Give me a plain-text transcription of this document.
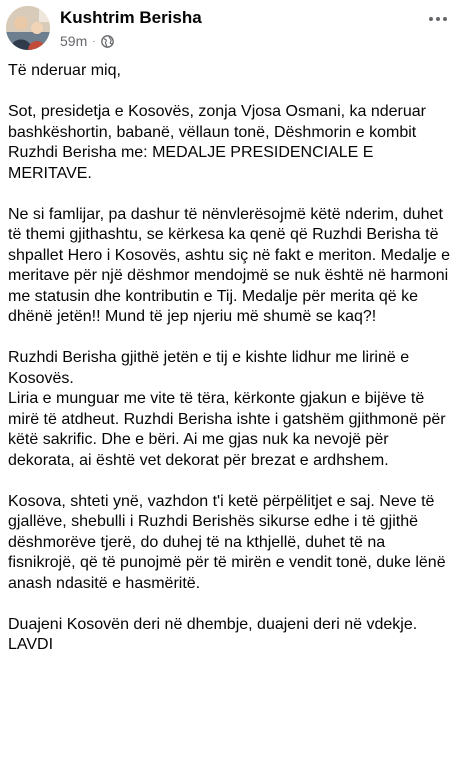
Kushtrim Berisha
59m ·

Të nderuar miq,

Sot, presidetja e Kosovës, zonja Vjosa Osmani, ka nderuar bashkëshortin, babanë, vëllaun tonë, Dëshmorin e kombit Ruzhdi Berisha me: MEDALJE PRESIDENCIALE E MERITAVE.

Ne si famlijar, pa dashur të nënvlerësojmë këtë nderim, duhet të themi gjithashtu, se kërkesa ka qenë që Ruzhdi Berisha të shpallet Hero i Kosovës, ashtu siç në fakt e meriton. Medalje e meritave për një dëshmor mendojmë se nuk është në harmoni me statusin dhe kontributin e Tij. Medalje për merita që ke dhënë jetën!! Mund të jep njeriu më shumë se kaq?!

Ruzhdi Berisha gjithë jetën e tij e kishte lidhur me lirinë e Kosovës.
Liria e munguar me vite të tëra, kërkonte gjakun e bijëve të mirë të atdheut. Ruzhdi Berisha ishte i gatshëm gjithmonë për këtë sakrific. Dhe e bëri. Ai me gjas nuk ka nevojë për dekorata, ai është vet dekorat për brezat e ardhshem.

Kosova, shteti ynë, vazhdon t'i ketë përpëlitjet e saj. Neve të gjallëve, shebulli i Ruzhdi Berishës sikurse edhe i të gjithë dëshmorëve tjerë, do duhej të na kthjellë, duhet të na fisnikrojë, që të punojmë për të mirën e vendit tonë, duke lënë anash ndasitë e hasmëritë.

Duajeni Kosovën deri në dhembje, duajeni deri në vdekje.
LAVDI
